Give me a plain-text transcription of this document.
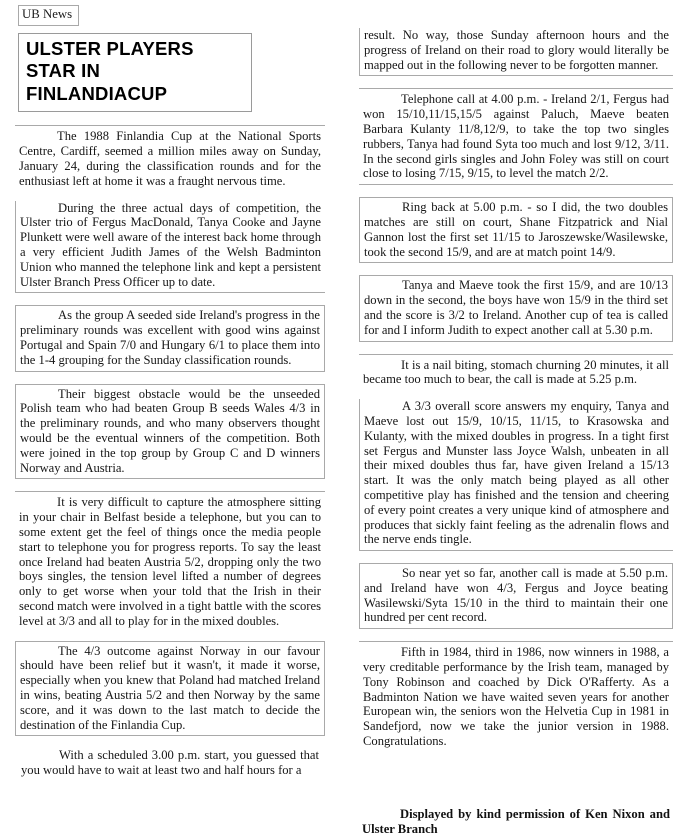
UB News
ULSTER PLAYERS STAR IN
FINLANDIACUP

The 1988 Finlandia Cup at the National Sports Centre, Cardiff, seemed a million miles away on Sunday, January 24, during the classification rounds and for the enthusiast left at home it was a fraught nervous time.

During the three actual days of competition, the Ulster trio of Fergus MacDonald, Tanya Cooke and Jayne Plunkett were well aware of the interest back home through a very efficient Judith James of the Welsh Badminton Union who manned the telephone link and kept a persistent Ulster Branch Press Officer up to date.

As the group A seeded side Ireland's progress in the preliminary rounds was excellent with good wins against Portugal and Spain 7/0 and Hungary 6/1 to place them into the 1-4 grouping for the Sunday classification rounds.

Their biggest obstacle would be the unseeded Polish team who had beaten Group B seeds Wales 4/3 in the preliminary rounds, and who many observers thought would be the eventual winners of the competition. Both were joined in the top group by Group C and D winners Norway and Austria.

It is very difficult to capture the atmosphere sitting in your chair in Belfast beside a telephone, but you can to some extent get the feel of things once the media people start to telephone you for progress reports. To say the least once Ireland had beaten Austria 5/2, dropping only the two boys singles, the tension level lifted a number of degrees only to get worse when your told that the Irish in their second match were involved in a tight battle with the scores level at 3/3 and all to play for in the mixed doubles.

The 4/3 outcome against Norway in our favour should have been relief but it wasn't, it made it worse, especially when you knew that Poland had matched Ireland in wins, beating Austria 5/2 and then Norway by the same score, and it was down to the last match to decide the destination of the Finlandia Cup.

With a scheduled 3.00 p.m. start, you guessed that you would have to wait at least two and half hours for a

result. No way, those Sunday afternoon hours and the progress of Ireland on their road to glory would literally be mapped out in the following never to be forgotten manner.

Telephone call at 4.00 p.m. - Ireland 2/1, Fergus had won 15/10,11/15,15/5 against Paluch, Maeve beaten Barbara Kulanty 11/8,12/9, to take the top two singles rubbers, Tanya had found Syta too much and lost 9/12, 3/11. In the second girls singles and John Foley was still on court close to losing 7/15, 9/15, to level the match 2/2.

Ring back at 5.00 p.m. - so I did, the two doubles matches are still on court, Shane Fitzpatrick and Nial Gannon lost the first set 11/15 to Jaroszewske/Wasilewske, took the second 15/9, and are at match point 14/9.

Tanya and Maeve took the first 15/9, and are 10/13 down in the second, the boys have won 15/9 in the third set and the score is 3/2 to Ireland. Another cup of tea is called for and I inform Judith to expect another call at 5.30 p.m.

It is a nail biting, stomach churning 20 minutes, it all became too much to bear, the call is made at 5.25 p.m.

A 3/3 overall score answers my enquiry, Tanya and Maeve lost out 15/9, 10/15, 11/15, to Krasowska and Kulanty, with the mixed doubles in progress. In a tight first set Fergus and Munster lass Joyce Walsh, unbeaten in all their mixed doubles thus far, have given Ireland a 15/13 start. It was the only match being played as all other competitive play has finished and the tension and cheering of every point creates a very unique kind of atmosphere and produces that sickly faint feeling as the adrenalin flows and the nerve ends tingle.

So near yet so far, another call is made at 5.50 p.m. and Ireland have won 4/3, Fergus and Joyce beating Wasilewski/Syta 15/10 in the third to maintain their one hundred per cent record.

Fifth in 1984, third in 1986, now winners in 1988, a very creditable performance by the Irish team, managed by Tony Robinson and coached by Dick O'Rafferty. As a Badminton Nation we have waited seven years for another European win, the seniors won the Helvetia Cup in 1981 in Sandefjord, now we take the junior version in 1988. Congratulations.

Displayed by kind permission of Ken Nixon and
Ulster Branch
